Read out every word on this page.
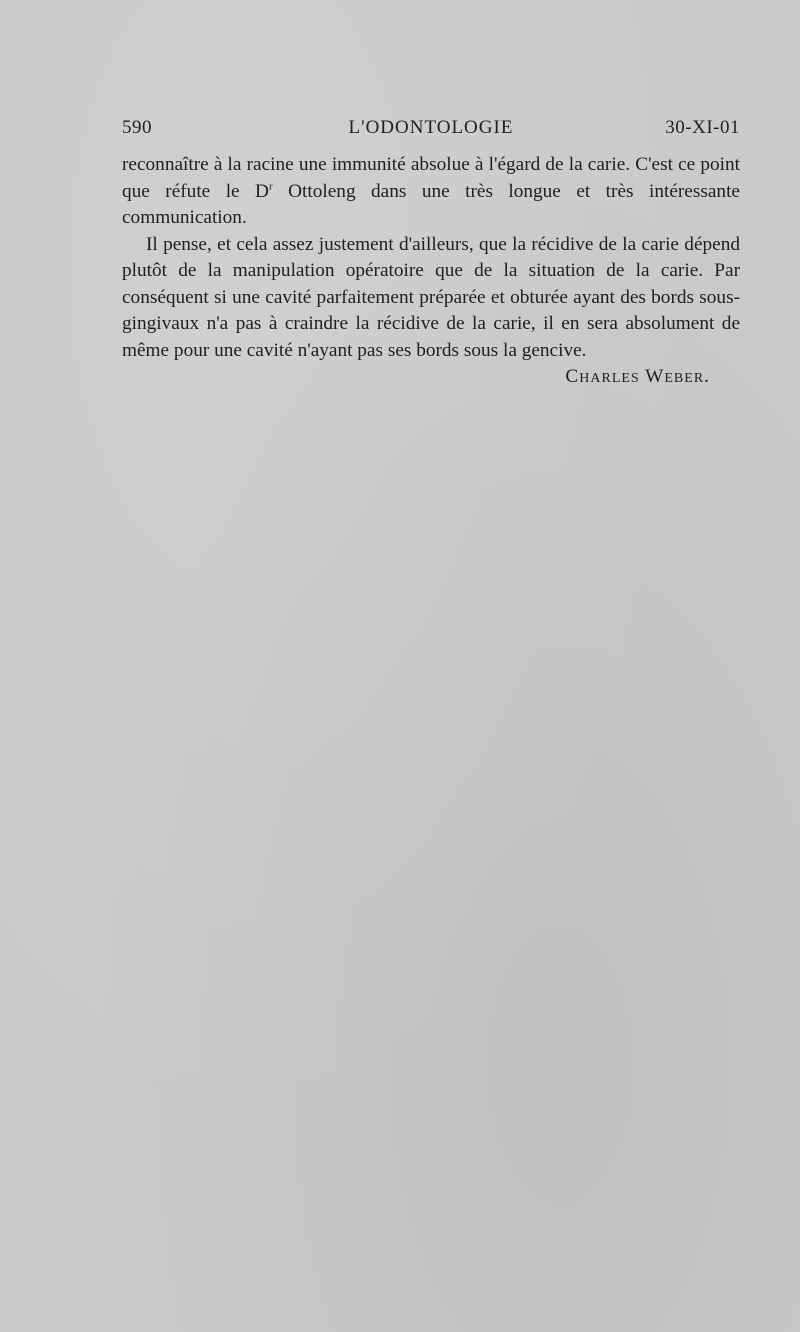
590	L'ODONTOLOGIE	30-XI-01

reconnaître à la racine une immunité absolue à l'égard de la carie. C'est ce point que réfute le $D^r$ Ottoleng dans une très longue et très intéressante communication.

Il pense, et cela assez justement d'ailleurs, que la récidive de la carie dépend plutôt de la manipulation opératoire que de la situation de la carie. Par conséquent si une cavité parfaitement préparée et obturée ayant des bords sous-gingivaux n'a pas à craindre la récidive de la carie, il en sera absolument de même pour une cavité n'ayant pas ses bords sous la gencive.

Charles Weber.
